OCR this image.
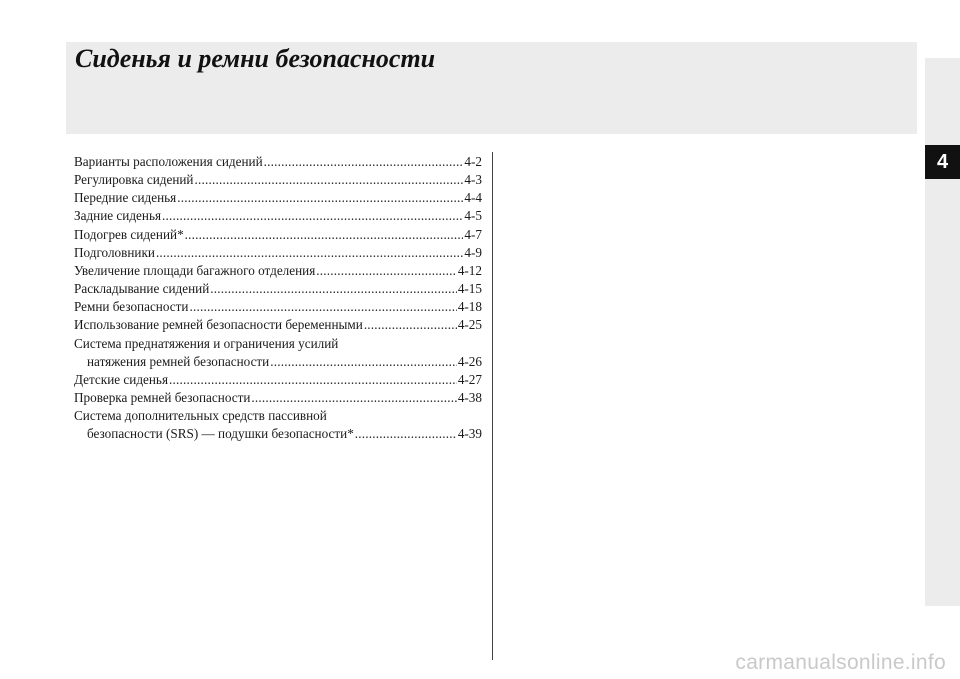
Сиденья и ремни безопасности
4
Варианты расположения сидений .....	4-2
Регулировка сидений .....	4-3
Передние сиденья .....	4-4
Задние сиденья .....	4-5
Подогрев сидений* .....	4-7
Подголовники .....	4-9
Увеличение площади багажного отделения .....	4-12
Раскладывание сидений .....	4-15
Ремни безопасности .....	4-18
Использование ремней безопасности беременными .....	4-25
Система преднатяжения и ограничения усилий
натяжения ремней безопасности .....	4-26
Детские сиденья .....	4-27
Проверка ремней безопасности .....	4-38
Система дополнительных средств пассивной
безопасности (SRS) — подушки безопасности* .....	4-39
carmanualsonline.info
